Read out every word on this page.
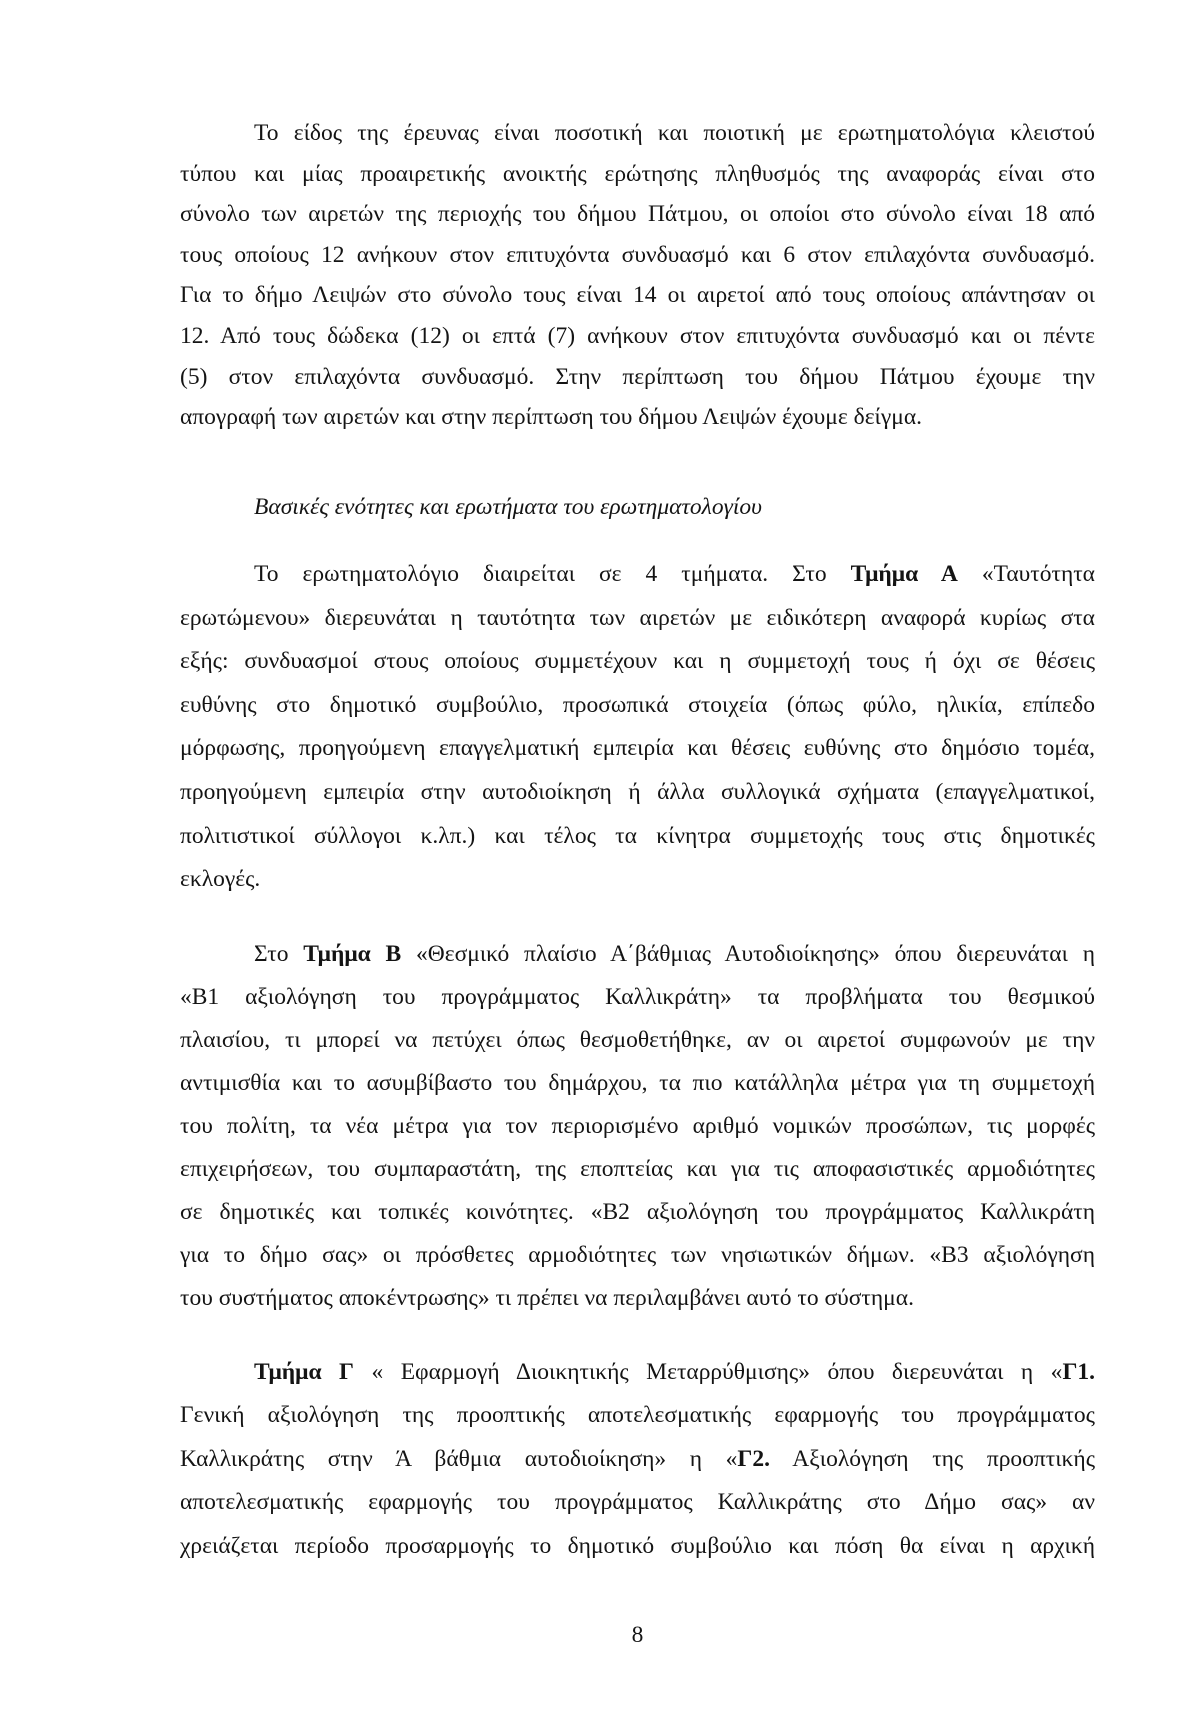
Το είδος της έρευνας είναι ποσοτική και ποιοτική με ερωτηματολόγια κλειστού
τύπου και μίας προαιρετικής ανοικτής ερώτησης πληθυσμός της αναφοράς είναι στο
σύνολο των αιρετών της περιοχής του δήμου Πάτμου, οι οποίοι στο σύνολο είναι 18 από
τους οποίους 12 ανήκουν στον επιτυχόντα συνδυασμό και 6 στον επιλαχόντα συνδυασμό.
Για το δήμο Λειψών στο σύνολο τους είναι 14 οι αιρετοί από τους οποίους απάντησαν οι
12. Από τους δώδεκα (12) οι επτά (7) ανήκουν στον επιτυχόντα συνδυασμό και οι πέντε
(5) στον επιλαχόντα συνδυασμό. Στην περίπτωση του δήμου Πάτμου έχουμε την
απογραφή των αιρετών και στην περίπτωση του δήμου Λειψών έχουμε δείγμα.
Βασικές ενότητες και ερωτήματα του ερωτηματολογίου
Το ερωτηματολόγιο διαιρείται σε 4 τμήματα. Στο Τμήμα Α «Ταυτότητα
ερωτώμενου» διερευνάται η ταυτότητα των αιρετών με ειδικότερη αναφορά κυρίως στα
εξής: συνδυασμοί στους οποίους συμμετέχουν και η συμμετοχή τους ή όχι σε θέσεις
ευθύνης στο δημοτικό συμβούλιο, προσωπικά στοιχεία (όπως φύλο, ηλικία, επίπεδο
μόρφωσης, προηγούμενη επαγγελματική εμπειρία και θέσεις ευθύνης στο δημόσιο τομέα,
προηγούμενη εμπειρία στην αυτοδιοίκηση ή άλλα συλλογικά σχήματα (επαγγελματικοί,
πολιτιστικοί σύλλογοι κ.λπ.) και τέλος τα κίνητρα συμμετοχής τους στις δημοτικές
εκλογές.
Στο Τμήμα Β «Θεσμικό πλαίσιο Α΄βάθμιας Αυτοδιοίκησης» όπου διερευνάται η
«Β1 αξιολόγηση του προγράμματος Καλλικράτη» τα προβλήματα του θεσμικού
πλαισίου, τι μπορεί να πετύχει όπως θεσμοθετήθηκε, αν οι αιρετοί συμφωνούν με την
αντιμισθία και το ασυμβίβαστο του δημάρχου, τα πιο κατάλληλα μέτρα για τη συμμετοχή
του πολίτη, τα νέα μέτρα για τον περιορισμένο αριθμό νομικών προσώπων, τις μορφές
επιχειρήσεων, του συμπαραστάτη, της εποπτείας και για τις αποφασιστικές αρμοδιότητες
σε δημοτικές και τοπικές κοινότητες. «Β2 αξιολόγηση του προγράμματος Καλλικράτη
για το δήμο σας» οι πρόσθετες αρμοδιότητες των νησιωτικών δήμων. «Β3 αξιολόγηση
του συστήματος αποκέντρωσης» τι πρέπει να περιλαμβάνει αυτό το σύστημα.
Τμήμα Γ « Εφαρμογή Διοικητικής Μεταρρύθμισης» όπου διερευνάται η «Γ1.
Γενική αξιολόγηση της προοπτικής αποτελεσματικής εφαρμογής του προγράμματος
Καλλικράτης στην Ά βάθμια αυτοδιοίκηση» η «Γ2. Αξιολόγηση της προοπτικής
αποτελεσματικής εφαρμογής του προγράμματος Καλλικράτης στο Δήμο σας» αν
χρειάζεται περίοδο προσαρμογής το δημοτικό συμβούλιο και πόση θα είναι η αρχική
8
